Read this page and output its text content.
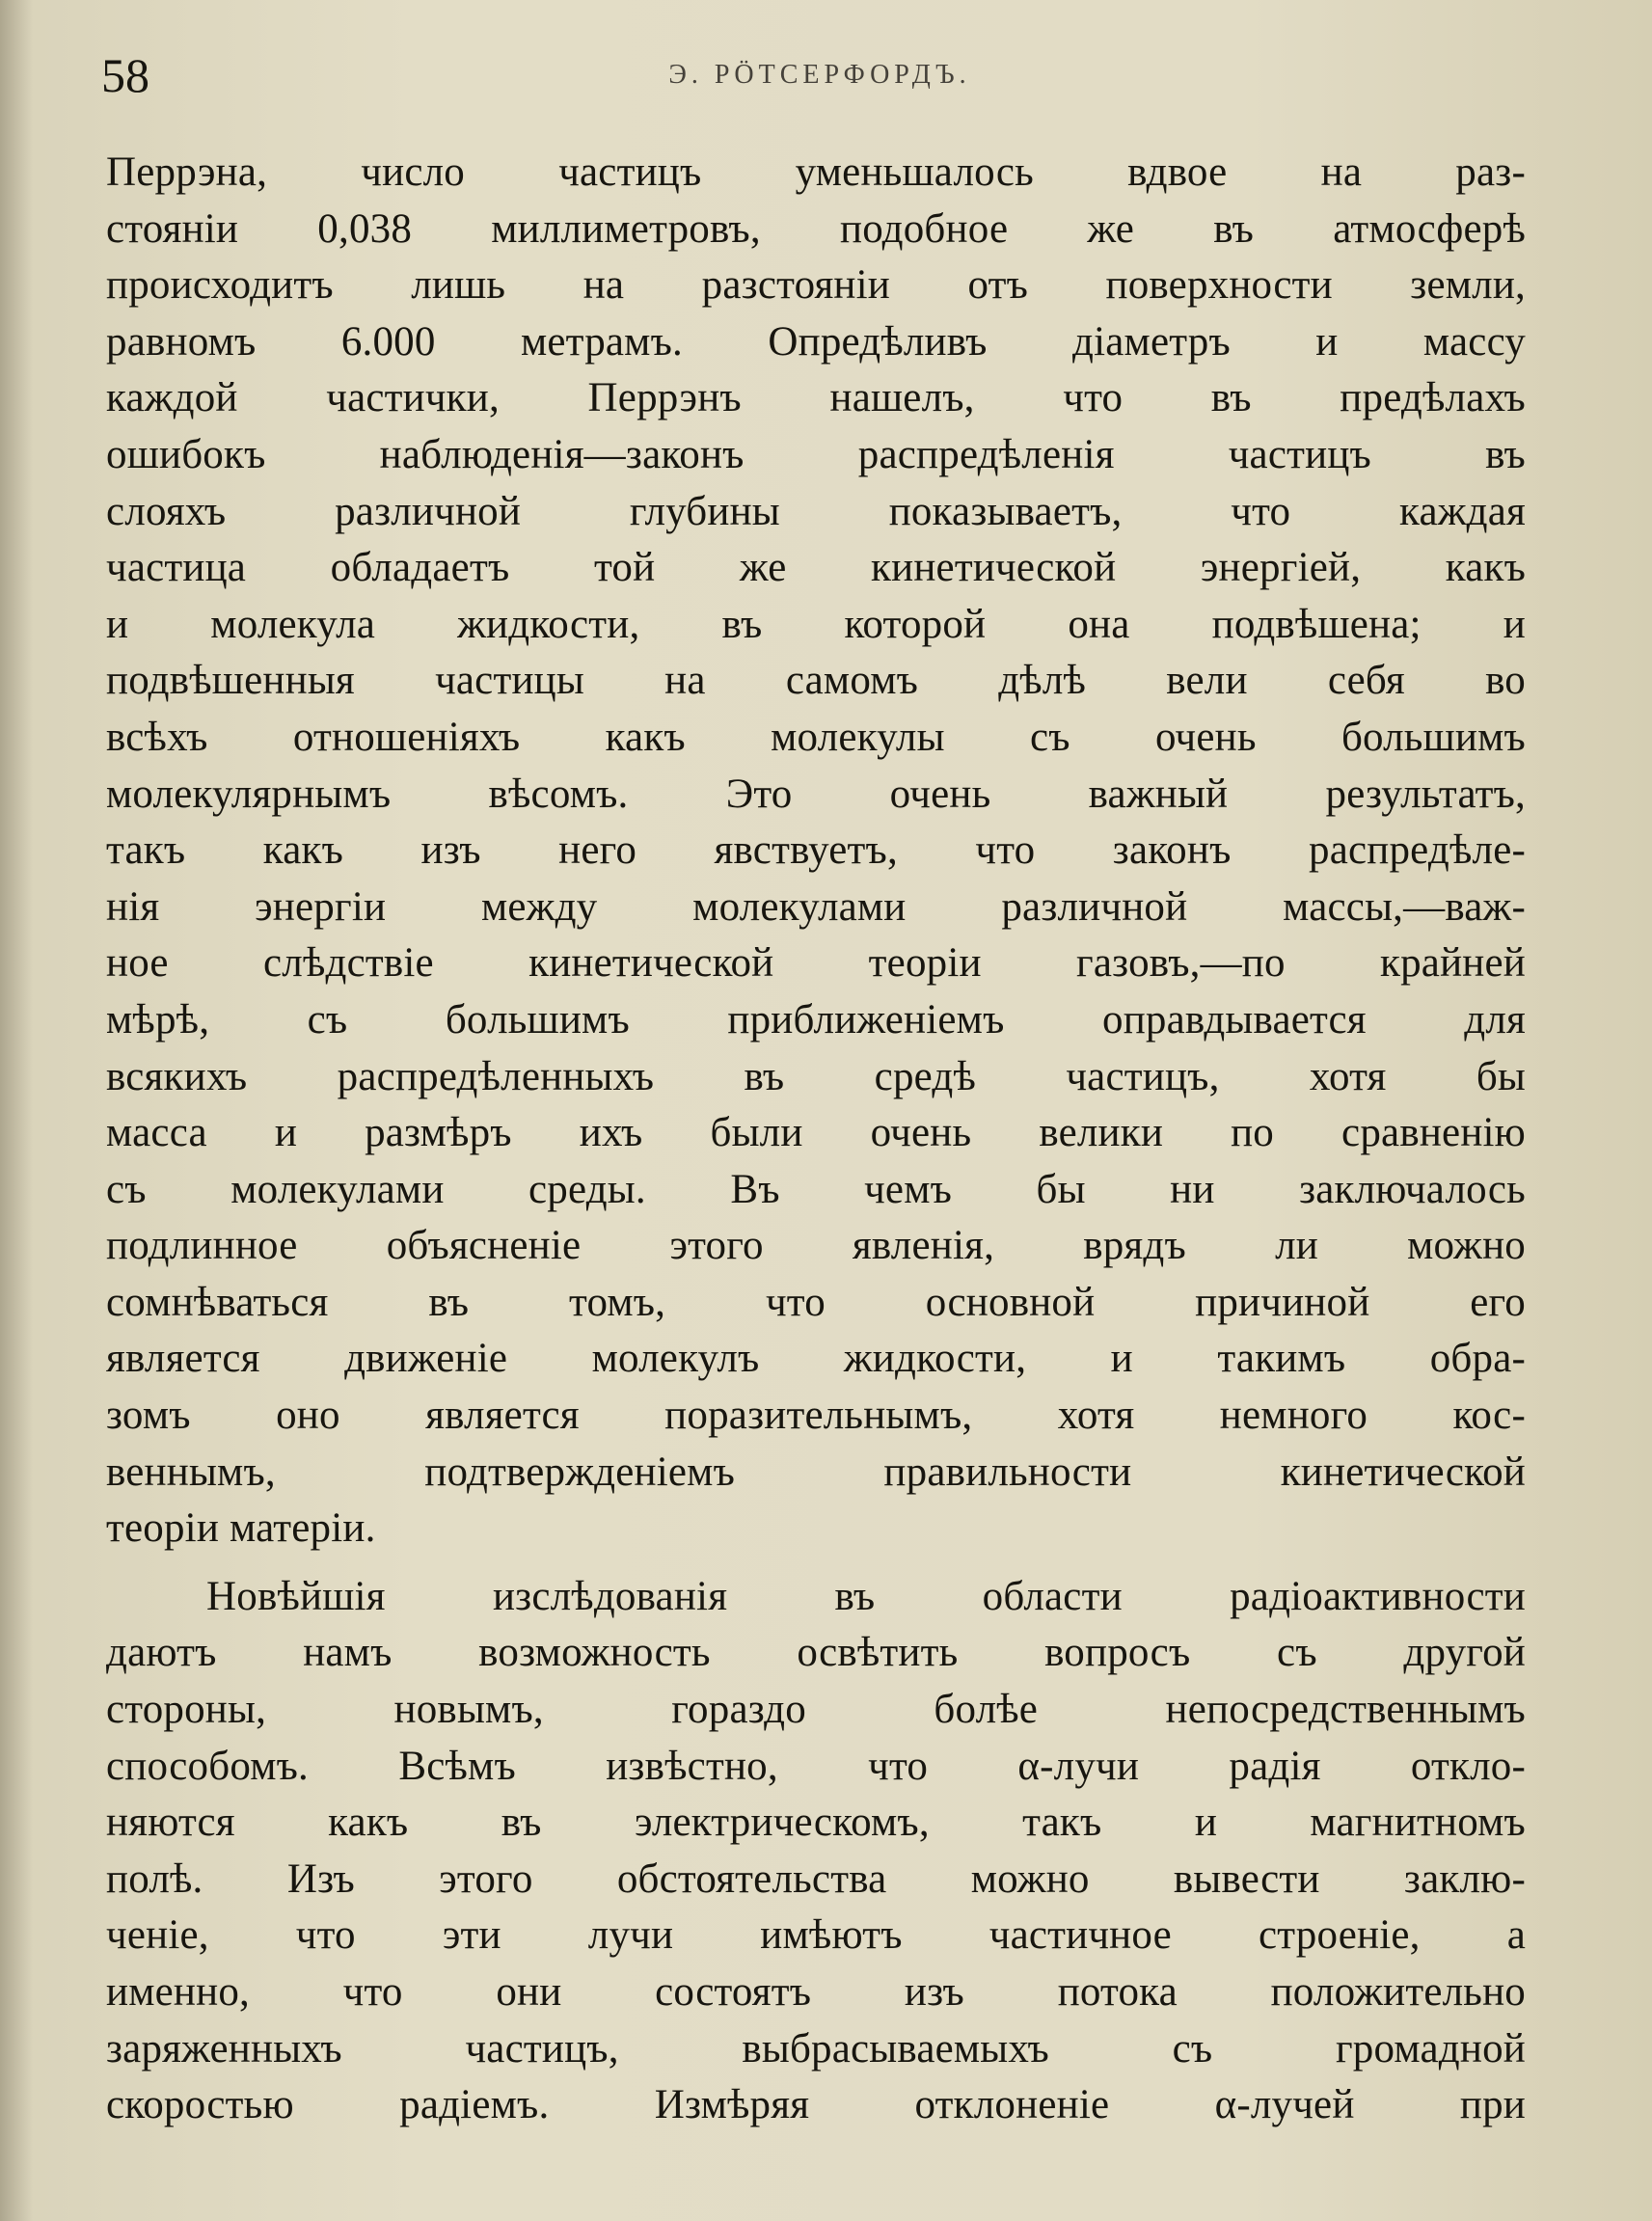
58	Э. РÖТСЕРФОРДЪ.
Перрэна, число частицъ уменьшалось вдвое на раз-
стояніи 0,038 миллиметровъ, подобное же въ атмосферѣ
происходитъ лишь на разстояніи отъ поверхности земли,
равномъ 6.000 метрамъ. Опредѣливъ діаметръ и массу
каждой частички, Перрэнъ нашелъ, что въ предѣлахъ
ошибокъ наблюденія—законъ распредѣленія частицъ въ
слояхъ различной глубины показываетъ, что каждая
частица обладаетъ той же кинетической энергіей, какъ
и молекула жидкости, въ которой она подвѣшена; и
подвѣшенныя частицы на самомъ дѣлѣ вели себя во
всѣхъ отношеніяхъ какъ молекулы съ очень большимъ
молекулярнымъ вѣсомъ. Это очень важный результатъ,
такъ какъ изъ него явствуетъ, что законъ распредѣле-
нія энергіи между молекулами различной массы,—важ-
ное слѣдствіе кинетической теоріи газовъ,—по крайней
мѣрѣ, съ большимъ приближеніемъ оправдывается для
всякихъ распредѣленныхъ въ средѣ частицъ, хотя бы
масса и размѣръ ихъ были очень велики по сравненію
съ молекулами среды. Въ чемъ бы ни заключалось
подлинное объясненіе этого явленія, врядъ ли можно
сомнѣваться въ томъ, что основной причиной его
является движеніе молекулъ жидкости, и такимъ обра-
зомъ оно является поразительнымъ, хотя немного кос-
веннымъ, подтвержденіемъ правильности кинетической
теоріи матеріи.
Новѣйшія изслѣдованія въ области радіоактивности
даютъ намъ возможность освѣтить вопросъ съ другой
стороны, новымъ, гораздо болѣе непосредственнымъ
способомъ. Всѣмъ извѣстно, что α-лучи радія откло-
няются какъ въ электрическомъ, такъ и магнитномъ
полѣ. Изъ этого обстоятельства можно вывести заклю-
ченіе, что эти лучи имѣютъ частичное строеніе, а
именно, что они состоятъ изъ потока положительно
заряженныхъ частицъ, выбрасываемыхъ съ громадной
скоростью радіемъ. Измѣряя отклоненіе α-лучей при
